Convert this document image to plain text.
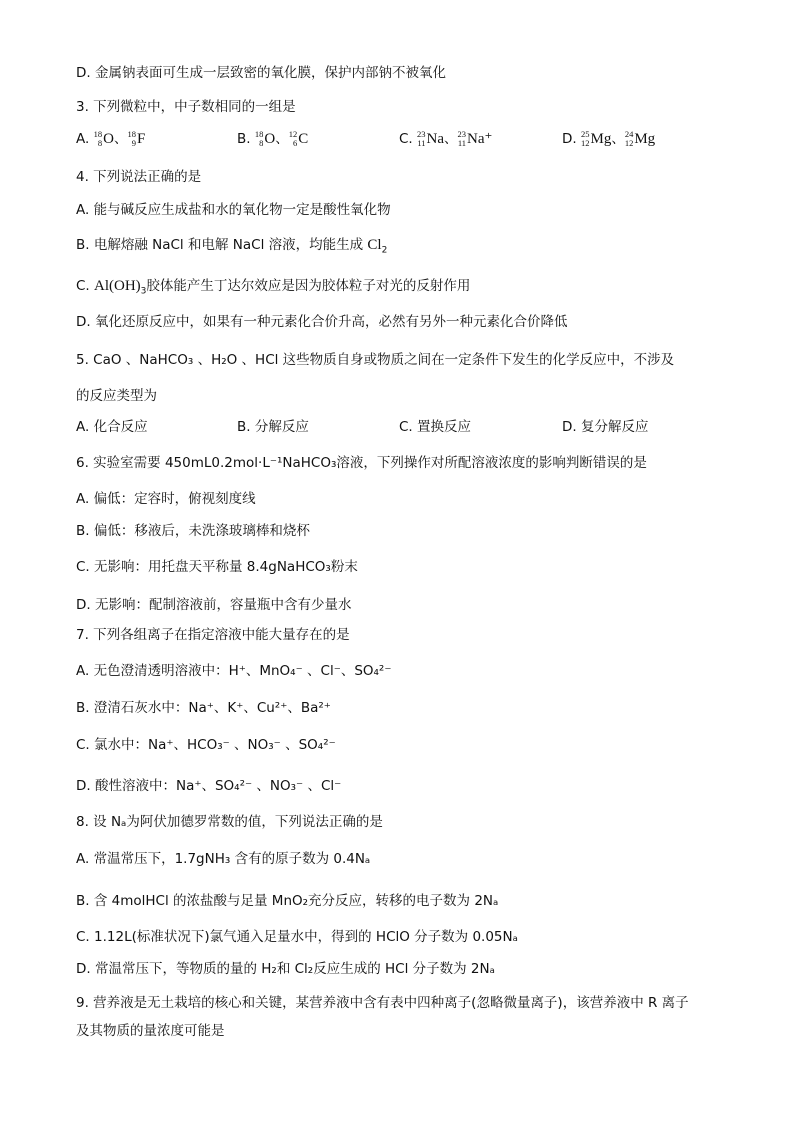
D. 金属钠表面可生成一层致密的氧化膜，保护内部钠不被氧化
3. 下列微粒中，中子数相同的一组是
A. 18
8 O 、 18
9 F	B. 18
8 O 、 12
6 C	C. 23
11 Na 、 23
11 Na⁺	D. 25
12 Mg 、 24
12 Mg
4. 下列说法正确的是
A. 能与碱反应生成盐和水的氧化物一定是酸性氧化物
B. 电解熔融 NaCl 和电解 NaCl 溶液，均能生成 $Cl_2$
C. $Al(OH)_3$胶体能产生丁达尔效应是因为胶体粒子对光的反射作用
D. 氧化还原反应中，如果有一种元素化合价升高，必然有另外一种元素化合价降低
5. CaO 、NaHCO₃ 、H₂O 、HCl 这些物质自身或物质之间在一定条件下发生的化学反应中，不涉及
的反应类型为
A. 化合反应	B. 分解反应	C. 置换反应	D. 复分解反应
6. 实验室需要 450mL0.2mol·L⁻¹NaHCO₃溶液，下列操作对所配溶液浓度的影响判断错误的是
A. 偏低：定容时，俯视刻度线
B. 偏低：移液后，未洗涤玻璃棒和烧杯
C. 无影响：用托盘天平称量 8.4gNaHCO₃粉末
D. 无影响：配制溶液前，容量瓶中含有少量水
7. 下列各组离子在指定溶液中能大量存在的是
A. 无色澄清透明溶液中：H⁺、MnO₄⁻ 、Cl⁻、SO₄²⁻
B. 澄清石灰水中：Na⁺、K⁺、Cu²⁺、Ba²⁺
C. 氯水中：Na⁺、HCO₃⁻ 、NO₃⁻ 、SO₄²⁻
D. 酸性溶液中：Na⁺、SO₄²⁻ 、NO₃⁻ 、Cl⁻
8. 设 Nₐ为阿伏加德罗常数的值，下列说法正确的是
A. 常温常压下，1.7gNH₃ 含有的原子数为 0.4Nₐ
B. 含 4molHCl 的浓盐酸与足量 MnO₂充分反应，转移的电子数为 2Nₐ
C. 1.12L(标准状况下)氯气通入足量水中，得到的 HClO 分子数为 0.05Nₐ
D. 常温常压下，等物质的量的 H₂和 Cl₂反应生成的 HCl 分子数为 2Nₐ
9. 营养液是无土栽培的核心和关键，某营养液中含有表中四种离子(忽略微量离子)，该营养液中 R 离子
及其物质的量浓度可能是
